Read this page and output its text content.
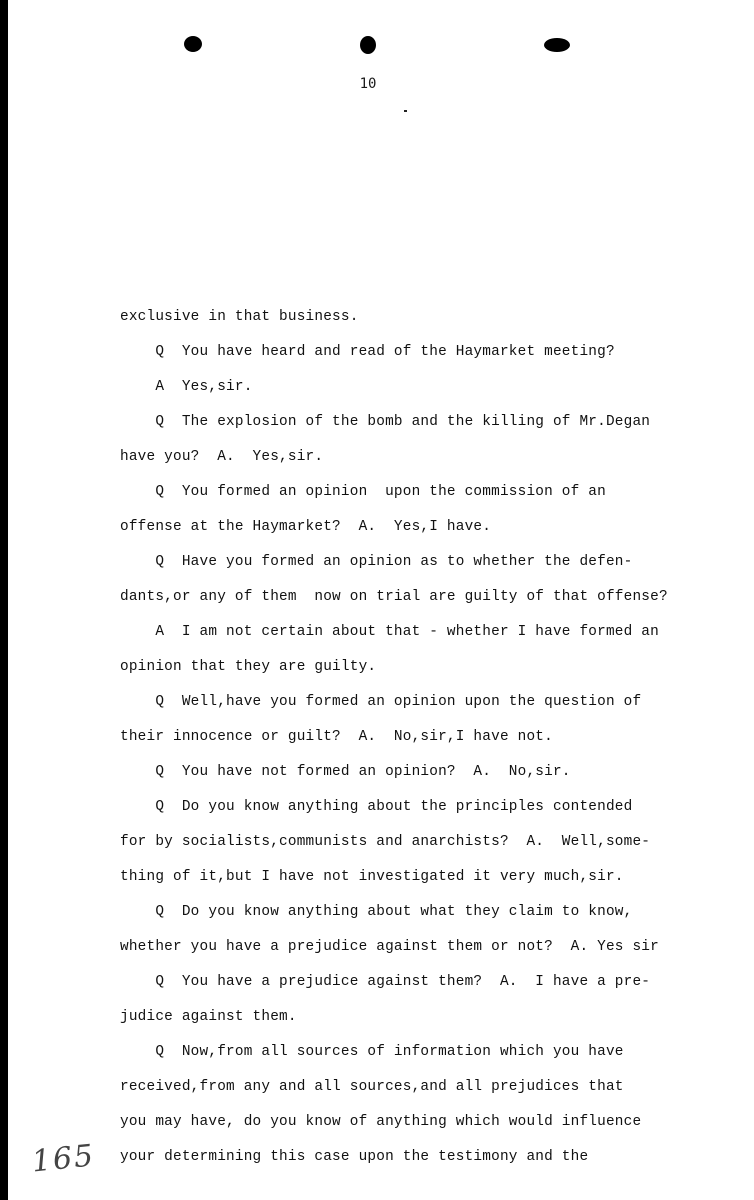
10
exclusive in that business.
Q  You have heard and read of the Haymarket meeting?
A  Yes,sir.
Q  The explosion of the bomb and the killing of Mr.Degan
have you?  A.  Yes,sir.
Q  You formed an opinion  upon the commission of an
offense at the Haymarket?  A.  Yes,I have.
Q  Have you formed an opinion as to whether the defen-
dants,or any of them  now on trial are guilty of that offense?
A  I am not certain about that - whether I have formed an
opinion that they are guilty.
Q  Well,have you formed an opinion upon the question of
their innocence or guilt?  A.  No,sir,I have not.
Q  You have not formed an opinion?  A.  No,sir.
Q  Do you know anything about the principles contended
for by socialists,communists and anarchists?  A.  Well,some-
thing of it,but I have not investigated it very much,sir.
Q  Do you know anything about what they claim to know,
whether you have a prejudice against them or not?  A. Yes sir
Q  You have a prejudice against them?  A.  I have a pre-
judice against them.
Q  Now,from all sources of information which you have
received,from any and all sources,and all prejudices that
you may have, do you know of anything which would influence
your determining this case upon the testimony and the
165
